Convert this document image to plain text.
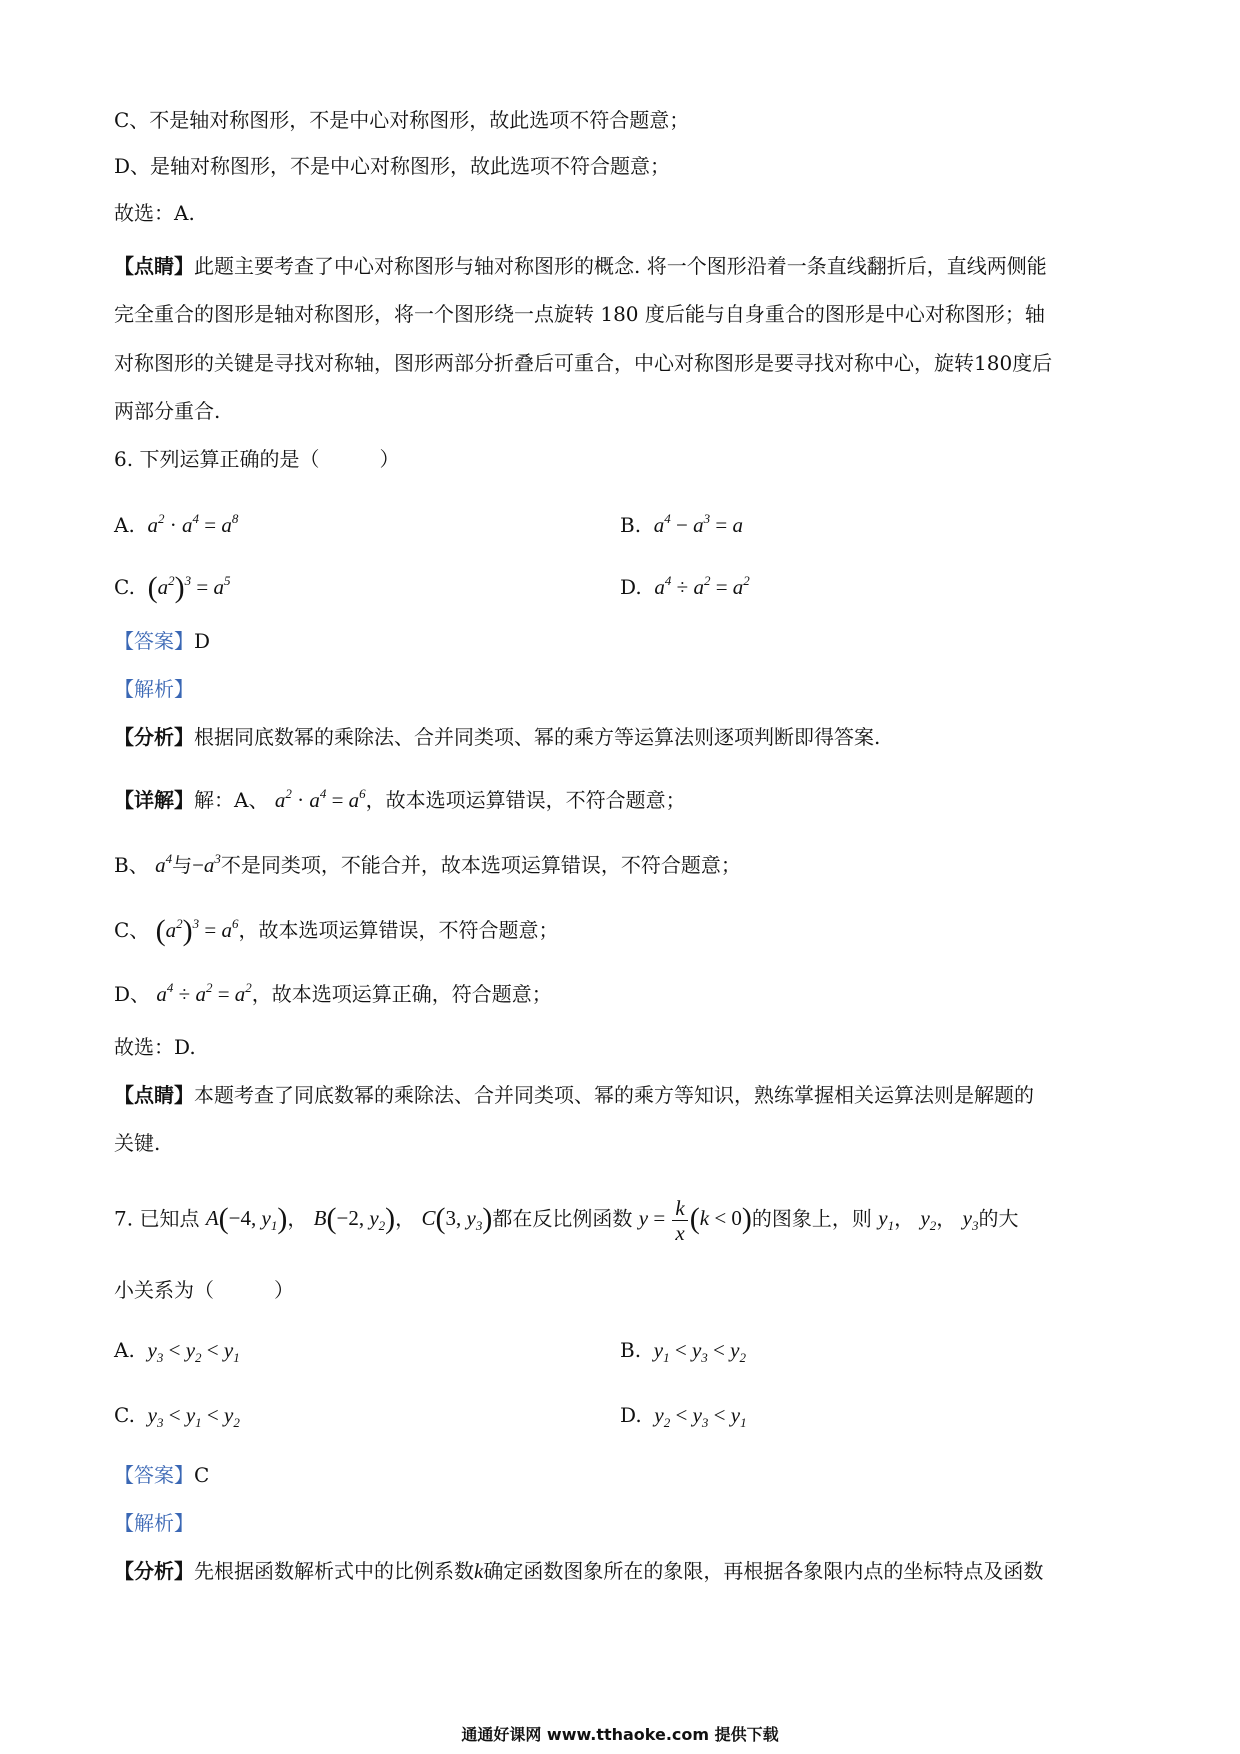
C、不是轴对称图形，不是中心对称图形，故此选项不符合题意；
D、是轴对称图形，不是中心对称图形，故此选项不符合题意；
故选：A.
【点睛】此题主要考查了中心对称图形与轴对称图形的概念. 将一个图形沿着一条直线翻折后，直线两侧能
完全重合的图形是轴对称图形，将一个图形绕一点旋转 180 度后能与自身重合的图形是中心对称图形；轴
对称图形的关键是寻找对称轴，图形两部分折叠后可重合，中心对称图形是要寻找对称中心，旋转180度后
两部分重合.
6. 下列运算正确的是（　　　）
A. $a^2 \cdot a^4 = a^8$	B. $a^4 - a^3 = a$
C. $(a^2)^3 = a^5$	D. $a^4 \div a^2 = a^2$
【答案】D
【解析】
【分析】根据同底数幂的乘除法、合并同类项、幂的乘方等运算法则逐项判断即得答案.
【详解】解：A、 $a^2 \cdot a^4 = a^6$，故本选项运算错误，不符合题意；
B、 $a^4$与$-a^3$不是同类项，不能合并，故本选项运算错误，不符合题意；
C、 $(a^2)^3 = a^6$，故本选项运算错误，不符合题意；
D、 $a^4 \div a^2 = a^2$，故本选项运算正确，符合题意；
故选：D.
【点睛】本题考查了同底数幂的乘除法、合并同类项、幂的乘方等知识，熟练掌握相关运算法则是解题的
关键.
7. 已知点 A(−4, $y_1$)， B(−2, $y_2$)， C(3, $y_3$)都在反比例函数 $y = \frac{k}{x} (k < 0)$的图象上，则 $y_1$， $y_2$， $y_3$的大
小关系为（　　　）
A. $y_3 < y_2 < y_1$	B. $y_1 < y_3 < y_2$
C. $y_3 < y_1 < y_2$	D. $y_2 < y_3 < y_1$
【答案】C
【解析】
【分析】先根据函数解析式中的比例系数k确定函数图象所在的象限，再根据各象限内点的坐标特点及函数
通通好课网 www.tthaoke.com 提供下载
